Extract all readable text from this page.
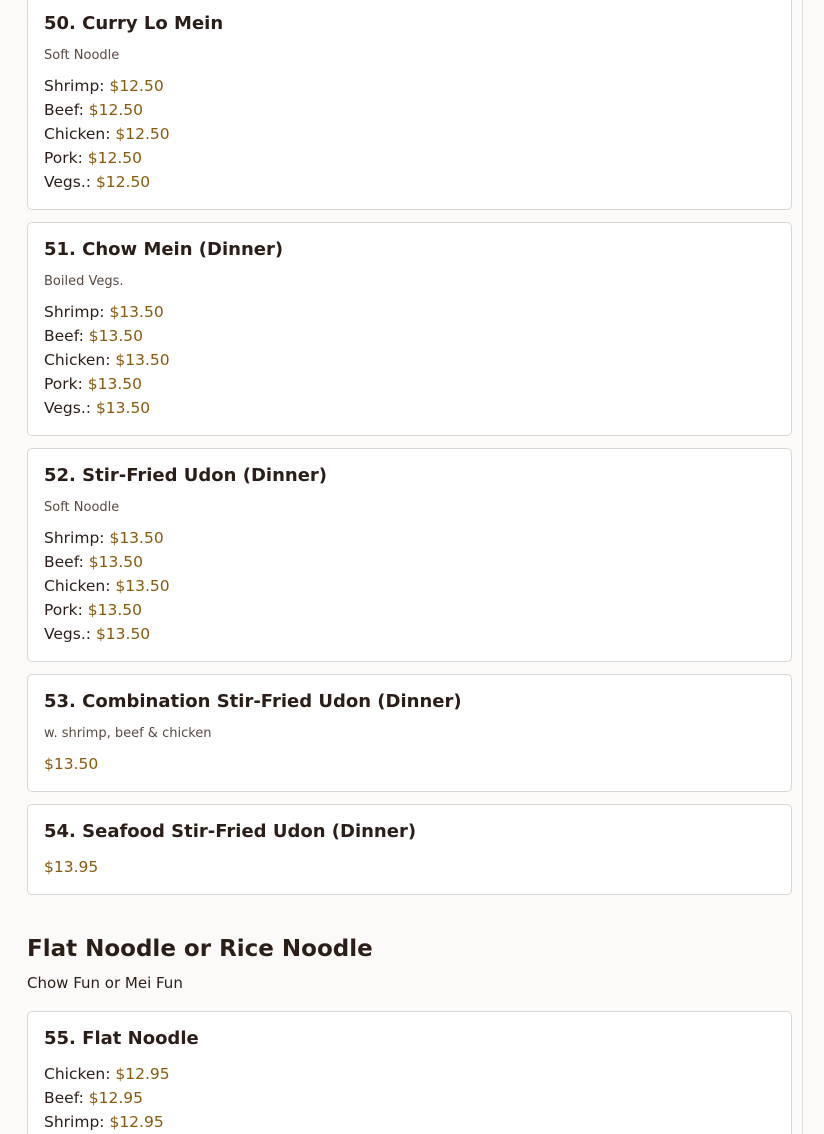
50. Curry Lo Mein
Soft Noodle
Shrimp: $12.50
Beef: $12.50
Chicken: $12.50
Pork: $12.50
Vegs.: $12.50
51. Chow Mein (Dinner)
Boiled Vegs.
Shrimp: $13.50
Beef: $13.50
Chicken: $13.50
Pork: $13.50
Vegs.: $13.50
52. Stir-Fried Udon (Dinner)
Soft Noodle
Shrimp: $13.50
Beef: $13.50
Chicken: $13.50
Pork: $13.50
Vegs.: $13.50
53. Combination Stir-Fried Udon (Dinner)
w. shrimp, beef & chicken
$13.50
54. Seafood Stir-Fried Udon (Dinner)
$13.95
Flat Noodle or Rice Noodle
Chow Fun or Mei Fun
55. Flat Noodle
Chicken: $12.95
Beef: $12.95
Shrimp: $12.95
